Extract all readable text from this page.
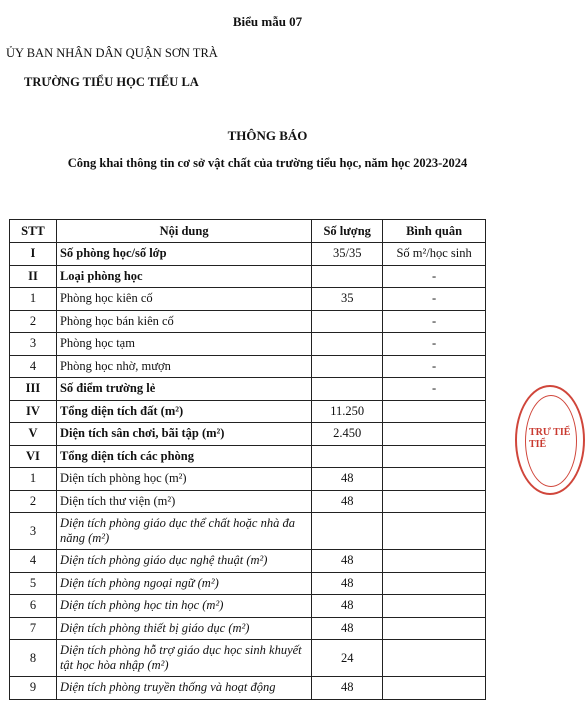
Biểu mẫu 07
ỦY BAN NHÂN DÂN QUẬN SƠN TRÀ
TRƯỜNG TIỂU HỌC TIỂU LA
THÔNG BÁO
Công khai thông tin cơ sở vật chất của trường tiểu học, năm học 2023-2024
STT	Nội dung	Số lượng	Bình quân
I	Số phòng học/số lớp	35/35	Số m²/học sinh
II	Loại phòng học		-
1	Phòng học kiên cố	35	-
2	Phòng học bán kiên cố		-
3	Phòng học tạm		-
4	Phòng học nhờ, mượn		-
III	Số điểm trường lẻ		-
IV	Tổng diện tích đất (m²)	11.250	
V	Diện tích sân chơi, bãi tập (m²)	2.450	
VI	Tổng diện tích các phòng		
1	Diện tích phòng học (m²)	48	
2	Diện tích thư viện (m²)	48	
3	Diện tích phòng giáo dục thể chất hoặc nhà đa năng (m²)		
4	Diện tích phòng giáo dục nghệ thuật (m²)	48	
5	Diện tích phòng ngoại ngữ (m²)	48	
6	Diện tích phòng học tin học (m²)	48	
7	Diện tích phòng thiết bị giáo dục (m²)	48	
8	Diện tích phòng hỗ trợ giáo dục học sinh khuyết tật học hòa nhập (m²)	24	
9	Diện tích phòng truyền thống và hoạt động	48	
TRƯ TIỂ TIỂ
